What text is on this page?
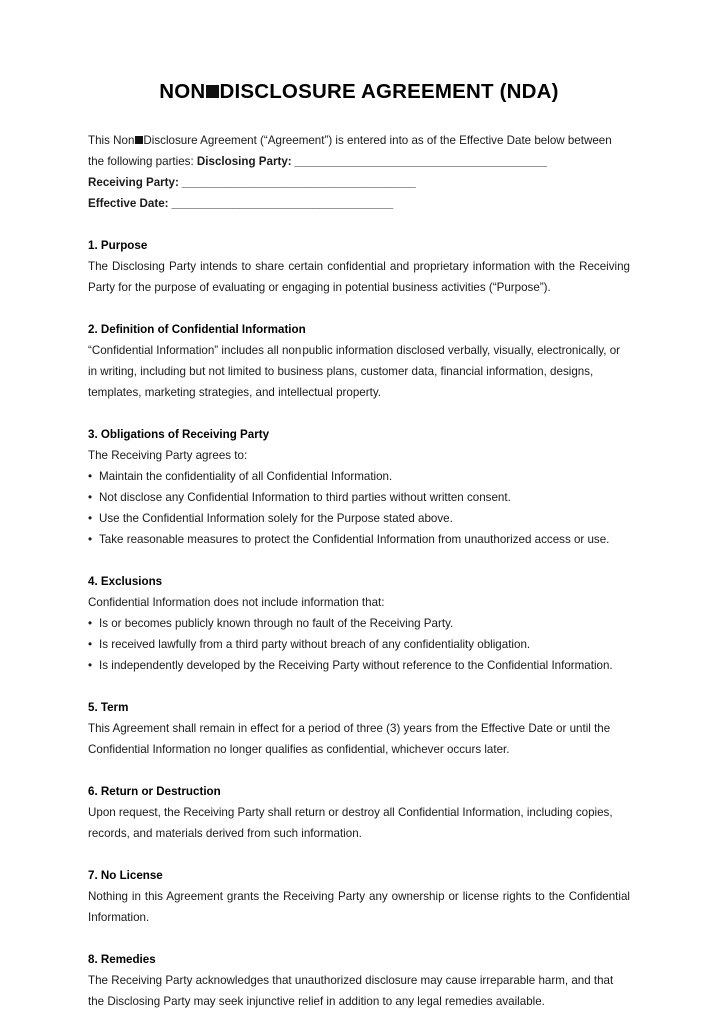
NON DISCLOSURE AGREEMENT (NDA)

This Non Disclosure Agreement (“Agreement”) is entered into as of the Effective Date below between the following parties: Disclosing Party: _________________________________________

Receiving Party: ______________________________________

Effective Date: ____________________________________

1. Purpose

The Disclosing Party intends to share certain confidential and proprietary information with the Receiving Party for the purpose of evaluating or engaging in potential business activities (“Purpose”).

2. Definition of Confidential Information

“Confidential Information” includes all nonpublic information disclosed verbally, visually, electronically, or in writing, including but not limited to business plans, customer data, financial information, designs, templates, marketing strategies, and intellectual property.

3. Obligations of Receiving Party

The Receiving Party agrees to:

• Maintain the confidentiality of all Confidential Information.
• Not disclose any Confidential Information to third parties without written consent.
• Use the Confidential Information solely for the Purpose stated above.
• Take reasonable measures to protect the Confidential Information from unauthorized access or use.

4. Exclusions

Confidential Information does not include information that:

• Is or becomes publicly known through no fault of the Receiving Party.
• Is received lawfully from a third party without breach of any confidentiality obligation.
• Is independently developed by the Receiving Party without reference to the Confidential Information.

5. Term

This Agreement shall remain in effect for a period of three (3) years from the Effective Date or until the Confidential Information no longer qualifies as confidential, whichever occurs later.

6. Return or Destruction

Upon request, the Receiving Party shall return or destroy all Confidential Information, including copies, records, and materials derived from such information.

7. No License

Nothing in this Agreement grants the Receiving Party any ownership or license rights to the Confidential Information.

8. Remedies

The Receiving Party acknowledges that unauthorized disclosure may cause irreparable harm, and that the Disclosing Party may seek injunctive relief in addition to any legal remedies available.
